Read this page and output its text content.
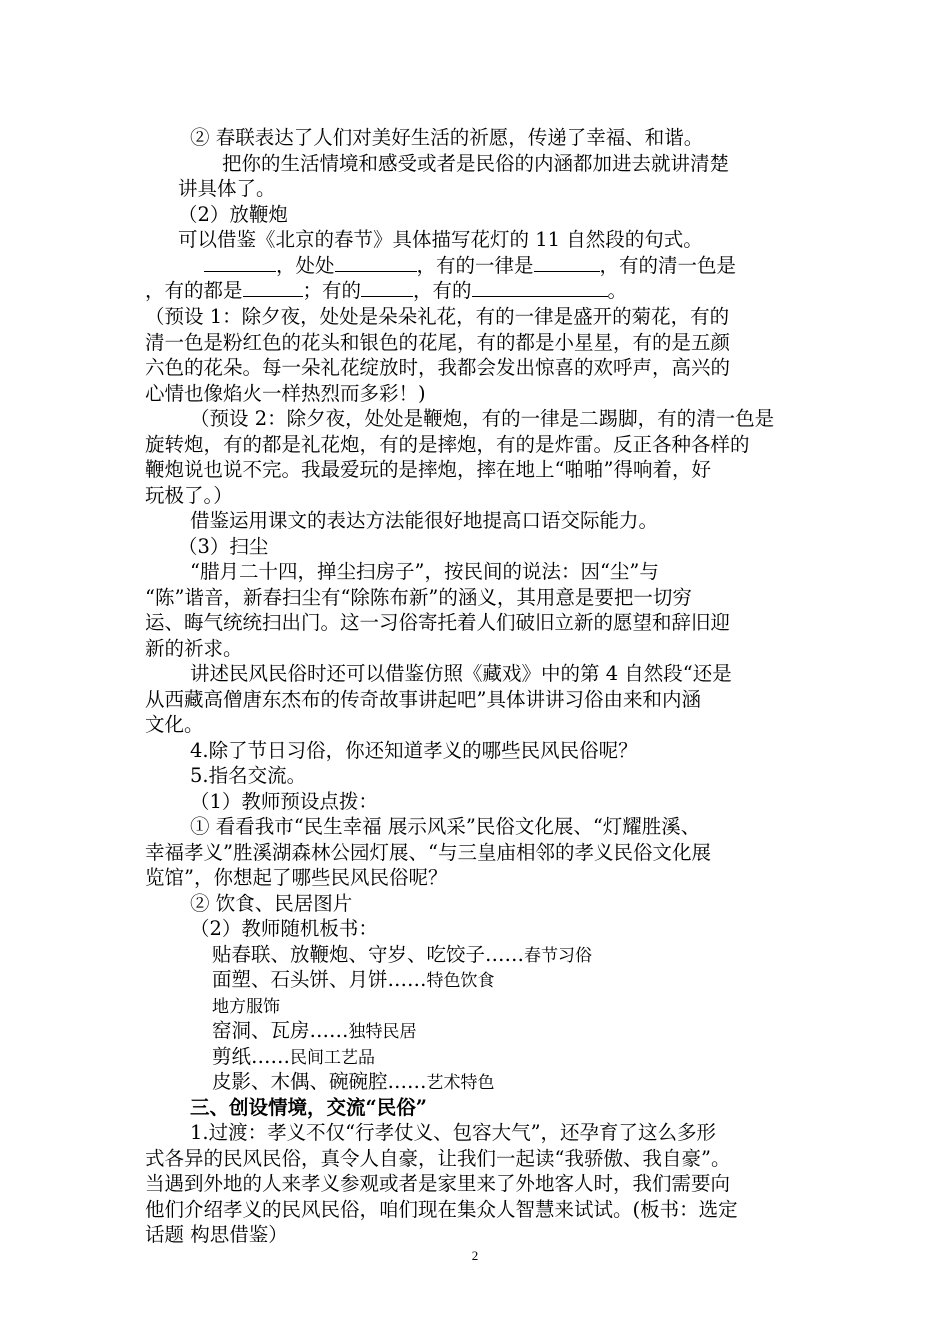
② 春联表达了人们对美好生活的祈愿，传递了幸福、和谐。
把你的生活情境和感受或者是民俗的内涵都加进去就讲清楚
讲具体了。
（2）放鞭炮
可以借鉴《北京的春节》具体描写花灯的 11 自然段的句式。
（预设 1：除夕夜，处处是朵朵礼花，有的一律是盛开的菊花，有的
清一色是粉红色的花头和银色的花尾，有的都是小星星，有的是五颜
六色的花朵。每一朵礼花绽放时，我都会发出惊喜的欢呼声，高兴的
心情也像焰火一样热烈而多彩！)
（预设 2：除夕夜，处处是鞭炮，有的一律是二踢脚，有的清一色是
旋转炮，有的都是礼花炮，有的是摔炮，有的是炸雷。反正各种各样的
鞭炮说也说不完。我最爱玩的是摔炮，摔在地上“啪啪”得响着，好
玩极了。）
借鉴运用课文的表达方法能很好地提高口语交际能力。
（3）扫尘
“腊月二十四，掸尘扫房子”，按民间的说法：因“尘”与
“陈”谐音，新春扫尘有“除陈布新”的涵义，其用意是要把一切穷
运、晦气统统扫出门。这一习俗寄托着人们破旧立新的愿望和辞旧迎
新的祈求。
讲述民风民俗时还可以借鉴仿照《藏戏》中的第 4 自然段“还是
从西藏高僧唐东杰布的传奇故事讲起吧”具体讲讲习俗由来和内涵
文化。
4.除了节日习俗，你还知道孝义的哪些民风民俗呢？
5.指名交流。
（1）教师预设点拨：
① 看看我市“民生幸福 展示风采”民俗文化展、“灯耀胜溪、
幸福孝义”胜溪湖森林公园灯展、“与三皇庙相邻的孝义民俗文化展
览馆”，你想起了哪些民风民俗呢？
② 饮食、民居图片
（2）教师随机板书：
贴春联、放鞭炮、守岁、吃饺子……春节习俗
面塑、石头饼、月饼……特色饮食
地方服饰
窑洞、瓦房……独特民居
剪纸……民间工艺品
皮影、木偶、碗碗腔……艺术特色
三、创设情境，交流“民俗”
1.过渡：孝义不仅“行孝仗义、包容大气”，还孕育了这么多形
式各异的民风民俗，真令人自豪，让我们一起读“我骄傲、我自豪”。
当遇到外地的人来孝义参观或者是家里来了外地客人时，我们需要向
他们介绍孝义的民风民俗，咱们现在集众人智慧来试试。(板书：选定
话题 构思借鉴）
，处处	，有的一律是	，有的清一色是
，有的都是	；有的	，有的	。
2
